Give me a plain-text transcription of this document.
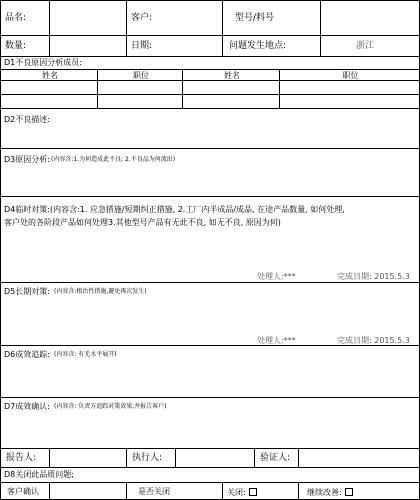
品名:	客户:	型号/料号
数量:	日期:	问题发生地点:	浙江
D1不良原因分析成员:
姓名	职位	姓名	职位
D2不良描述:
D3原因分析: (内容含:1.为何造成此不良; 2.不良品为何流出)
D4临时对策:(内容含:1. 应急措施/短期纠正措施, 2.工厂内半成品/成品, 在途产品数量, 如何处理,
客户处的各阶段产品如何处理3.其他型号产品有无此不良, 如无不良, 原因为何)
处理人:***	完成日期: 2015.5.3
D5长期对策: (内容含:根治性措施,避免再次发生)
处理人:***	完成日期: 2015.5.3
D6成效追踪: (内容含: 有无水平展开)
D7成效确认: (内容含: 负责方追踪对策效果,并报告客户)
报告人:	执行人:	验证人:
D8关闭此品质问题;
客户确认	是否关闭	关闭:	继续改善:
